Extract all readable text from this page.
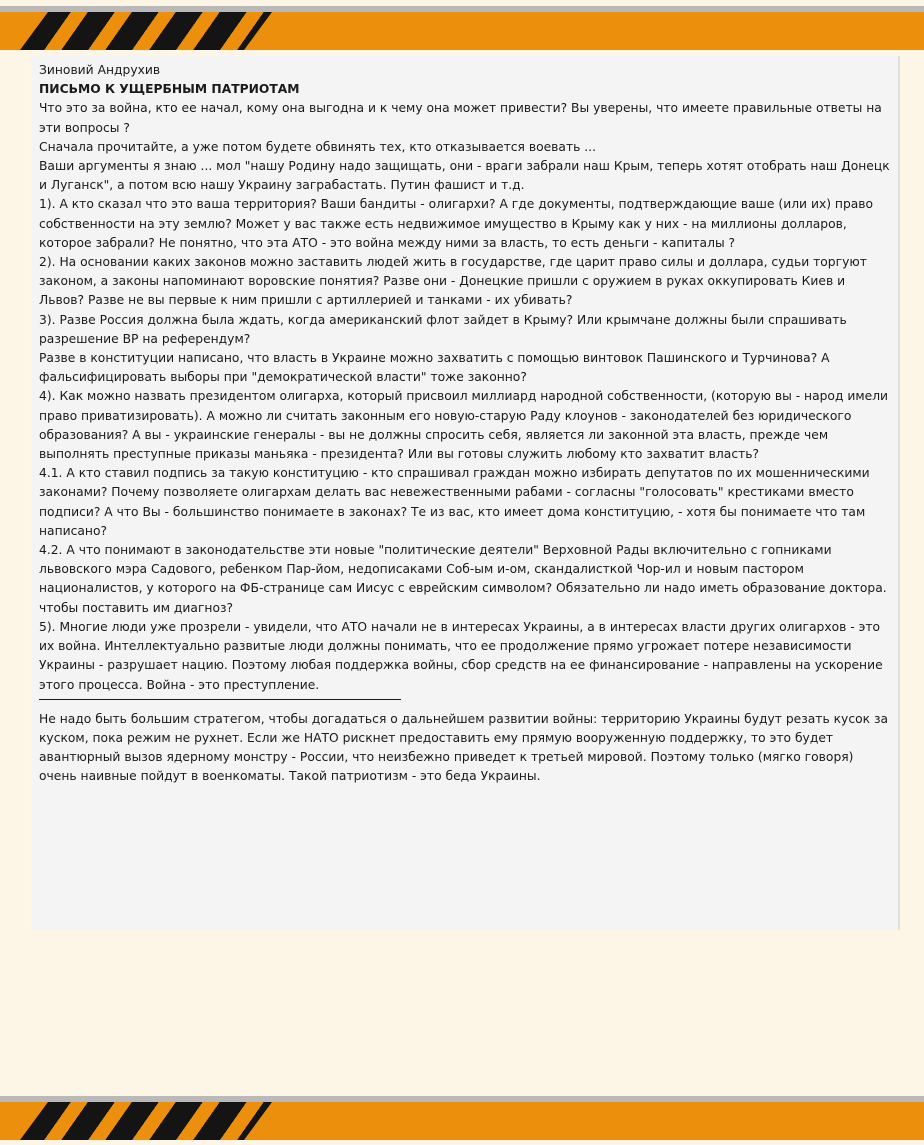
Зиновий Андрухив

ПИСЬМО К УЩЕРБНЫМ ПАТРИОТАМ

Что это за война, кто ее начал, кому она выгодна и к чему она может привести? Вы уверены, что имеете правильные ответы на эти вопросы ?

Сначала прочитайте, а уже потом будете обвинять тех, кто отказывается воевать ...

Ваши аргументы я знаю ... мол "нашу Родину надо защищать, они - враги забрали наш Крым, теперь хотят отобрать наш Донецк и Луганск", а потом всю нашу Украину заграбастать. Путин фашист и т.д.

1). А кто сказал что это ваша территория? Ваши бандиты - олигархи? А где документы, подтверждающие ваше (или их) право собственности на эту землю? Может у вас также есть недвижимое имущество в Крыму как у них - на миллионы долларов, которое забрали? Не понятно, что эта АТО - это война между ними за власть, то есть деньги - капиталы ?

2). На основании каких законов можно заставить людей жить в государстве, где царит право силы и доллара, судьи торгуют законом, а законы напоминают воровские понятия? Разве они - Донецкие пришли с оружием в руках оккупировать Киев и Львов? Разве не вы первые к ним пришли с артиллерией и танками - их убивать?

3). Разве Россия должна была ждать, когда американский флот зайдет в Крыму? Или крымчане должны были спрашивать разрешение ВР на референдум?

Разве в конституции написано, что власть в Украине можно захватить с помощью винтовок Пашинского и Турчинова? А фальсифицировать выборы при "демократической власти" тоже законно?

4). Как можно назвать президентом олигарха, который присвоил миллиард народной собственности, (которую вы - народ имели право приватизировать). А можно ли считать законным его новую-старую Раду клоунов - законодателей без юридического образования? А вы - украинские генералы - вы не должны спросить себя, является ли законной эта власть, прежде чем выполнять преступные приказы маньяка - президента? Или вы готовы служить любому кто захватит власть?

4.1. А кто ставил подпись за такую конституцию - кто спрашивал граждан можно избирать депутатов по их мошенническими законами? Почему позволяете олигархам делать вас невежественными рабами - согласны "голосовать" крестиками вместо подписи? А что Вы - большинство понимаете в законах? Те из вас, кто имеет дома конституцию, - хотя бы понимаете что там написано?

4.2. А что понимают в законодательстве эти новые "политические деятели" Верховной Рады включительно с гопниками львовского мэра Садового, ребенком Пар-йом, недописаками Соб-ым и-ом, скандалисткой Чор-ил и новым пастором националистов, у которого на ФБ-странице сам Иисус с еврейским символом? Обязательно ли надо иметь образование доктора. чтобы поставить им диагноз?

5). Многие люди уже прозрели - увидели, что АТО начали не в интересах Украины, а в интересах власти других олигархов - это их война. Интеллектуально развитые люди должны понимать, что ее продолжение прямо угрожает потере независимости Украины - разрушает нацию. Поэтому любая поддержка войны, сбор средств на ее финансирование - направлены на ускорение этого процесса. Война - это преступление.

Не надо быть большим стратегом, чтобы догадаться о дальнейшем развитии войны: территорию Украины будут резать кусок за куском, пока режим не рухнет. Если же НАТО рискнет предоставить ему прямую вооруженную поддержку, то это будет авантюрный вызов ядерному монстру - России, что неизбежно приведет к третьей мировой. Поэтому только (мягко говоря) очень наивные пойдут в военкоматы. Такой патриотизм - это беда Украины.
